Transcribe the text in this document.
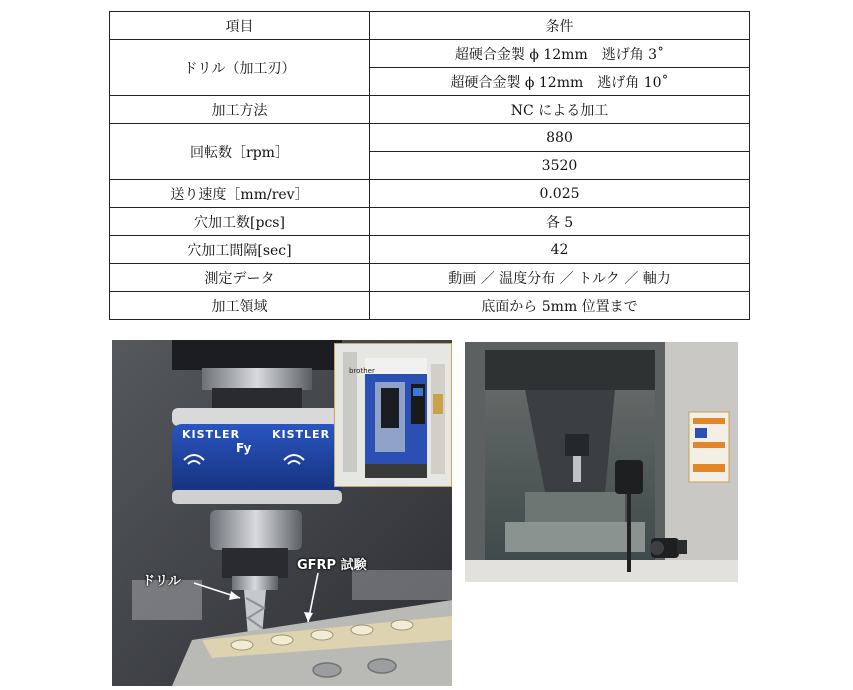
項目	条件
ドリル（加工刃）	超硬合金製 ϕ 12mm　逃げ角 3˚
	超硬合金製 ϕ 12mm　逃げ角 10˚
加工方法	NC による加工
回転数［rpm］	880
	3520
送り速度［mm/rev］	0.025
穴加工数[pcs]	各 5
穴加工間隔[sec]	42
測定データ	動画 ／ 温度分布 ／ トルク ／ 軸力
加工領域	底面から 5mm 位置まで
KISTLER	KISTLER
Fy
ドリル
GFRP 試験
brother
